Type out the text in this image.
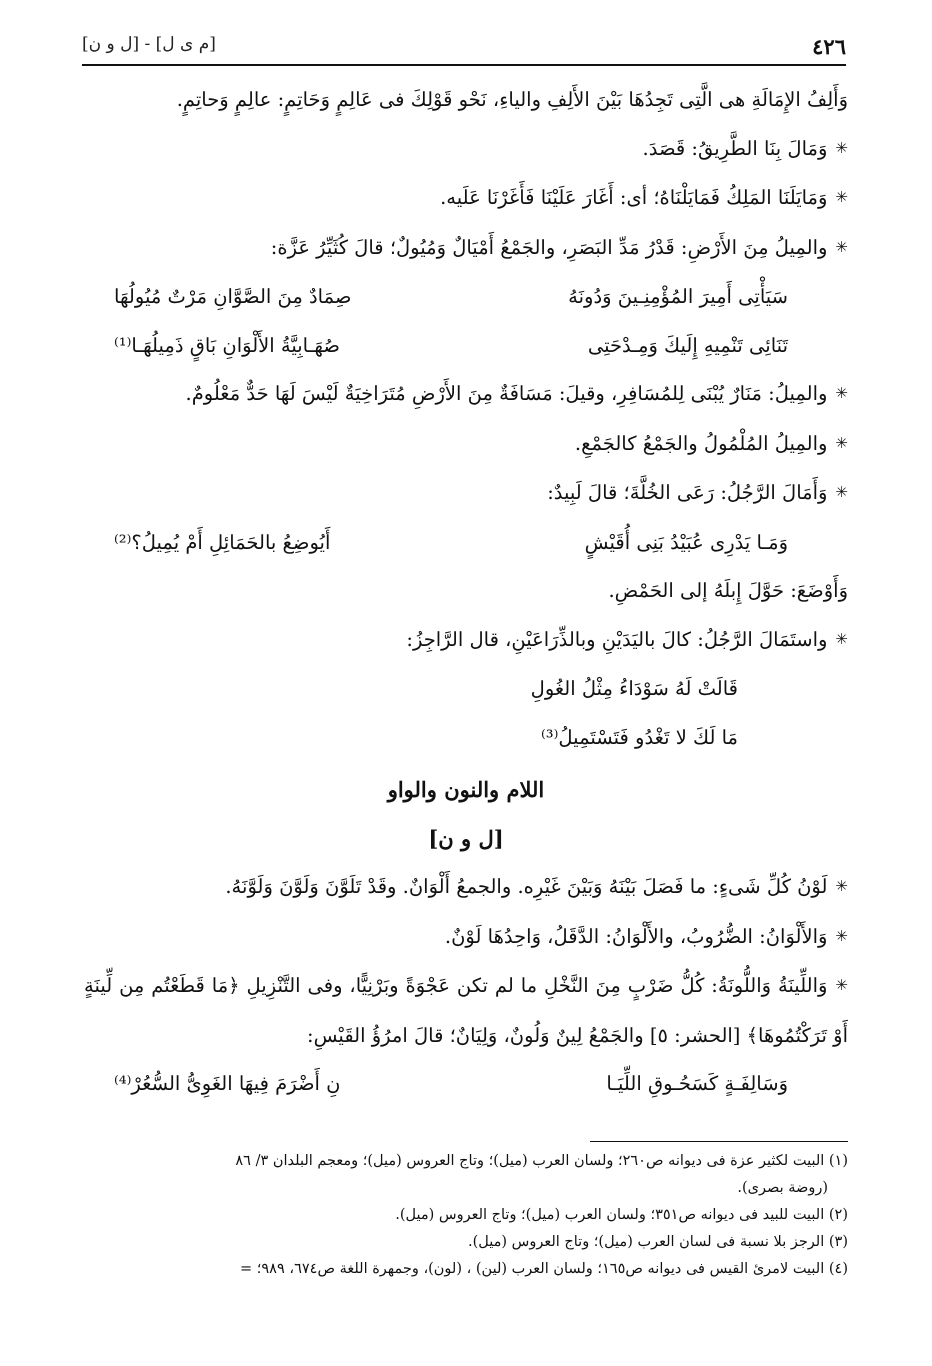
٤٢٦
[م ى ل] - [ل و ن]

وَأَلِفُ الإِمَالَةِ هى الَّتِى تَجِدُهَا بَيْنَ الأَلِفِ والياءِ، نَحْو قَوْلِكَ فى عَالِمٍ وَحَاتِمٍ: عالِمٍ وَحاتِمٍ.

✳ وَمَالَ بِنَا الطَّرِيقُ: قَصَدَ.

✳ وَمَايَلَنَا المَلِكُ فَمَايَلْنَاهُ؛ أى: أَغَارَ عَلَيْنَا فَأَغَرْنَا عَلَيه.

✳ والمِيلُ مِنَ الأَرْضِ: قَدْرُ مَدِّ البَصَرِ، والجَمْعُ أَمْيَالٌ وَمُيُولٌ؛ قالَ كُثَيِّرُ عَزَّة:

سَيَأْتِى أَمِيرَ المُؤْمِنِـينَ وَدُونَهُ
صِمَادٌ مِنَ الصَّوَّانِ مَرْتٌ مُيُولُهَا
تَنَائِى تَنْمِيهِ إِلَيكَ وَمِـدْحَتِى
صُهَـابِيَّةُ الأَلْوَانِ بَاقٍ ذَمِيلُهَـا⁽¹⁾

✳ والمِيلُ: مَنَارٌ يُبْنَى لِلمُسَافِرِ، وقيلَ: مَسَافَةٌ مِنَ الأَرْضِ مُتَرَاخِيَةٌ لَيْسَ لَهَا حَدٌّ مَعْلُومٌ.

✳ والمِيلُ المُلْمُولُ والجَمْعُ كالجَمْعِ.

✳ وَأَمَالَ الرَّجُلُ: رَعَى الخُلَّةَ؛ قالَ لَبِيدٌ:

وَمَـا يَدْرِى عُبَيْدُ بَنِى أُقَيْشٍ
أَيُوضِعُ بالحَمَائِلِ أَمْ يُمِيلُ؟⁽²⁾

وَأَوْضَعَ: حَوَّلَ إِبلَهُ إلى الحَمْضِ.

✳ واستَمَالَ الرَّجُلُ: كالَ باليَدَيْنِ وبالذِّرَاعَيْنِ، قال الرَّاجِزُ:

قَالَتْ لَهُ سَوْدَاءُ مِثْلُ الغُولِ

مَا لَكَ لا تَغْدُو فَتَسْتَمِيلُ⁽³⁾

اللام والنون والواو

[ل و ن]

✳ لَوْنُ كُلِّ شَىءٍ: ما فَصَلَ بَيْنَهُ وَبَيْنَ غَيْرِه. والجمعُ أَلْوَانٌ. وقَدْ تَلَوَّنَ وَلَوَّنَ وَلَوَّنَهُ.

✳ وَالأَلْوَانُ: الضُّرُوبُ، والأَلْوَانُ: الدَّقَلُ، وَاحِدُهَا لَوْنٌ.

✳ وَاللِّينَةُ وَاللُّونَةُ: كُلُّ ضَرْبٍ مِنَ النَّخْلِ ما لم تكن عَجْوَةً وبَرْنِيًّا، وفى التَّنْزِيلِ ﴿مَا قَطَعْتُم مِن لِّينَةٍ أَوْ تَرَكْتُمُوهَا﴾ [الحشر: ٥] والجَمْعُ لِينٌ وَلُونٌ، وَلِيَانٌ؛ قالَ امرُؤُ القَيْسِ:

وَسَالِفَـةٍ كَسَحُـوقِ اللِّيَـا
نِ أَضْرَمَ فِيهَا الغَوِىُّ السُّعُرْ⁽⁴⁾

(١) البيت لكثير عزة فى ديوانه ص٢٦٠؛ ولسان العرب (ميل)؛ وتاج العروس (ميل)؛ ومعجم البلدان ٣/ ٨٦

(روضة بصرى).

(٢) البيت للبيد فى ديوانه ص٣٥١؛ ولسان العرب (ميل)؛ وتاج العروس (ميل).

(٣) الرجز بلا نسبة فى لسان العرب (ميل)؛ وتاج العروس (ميل).

(٤) البيت لامرئ القيس فى ديوانه ص١٦٥؛ ولسان العرب (لين) ، (لون)، وجمهرة اللغة ص٦٧٤، ٩٨٩؛ =
